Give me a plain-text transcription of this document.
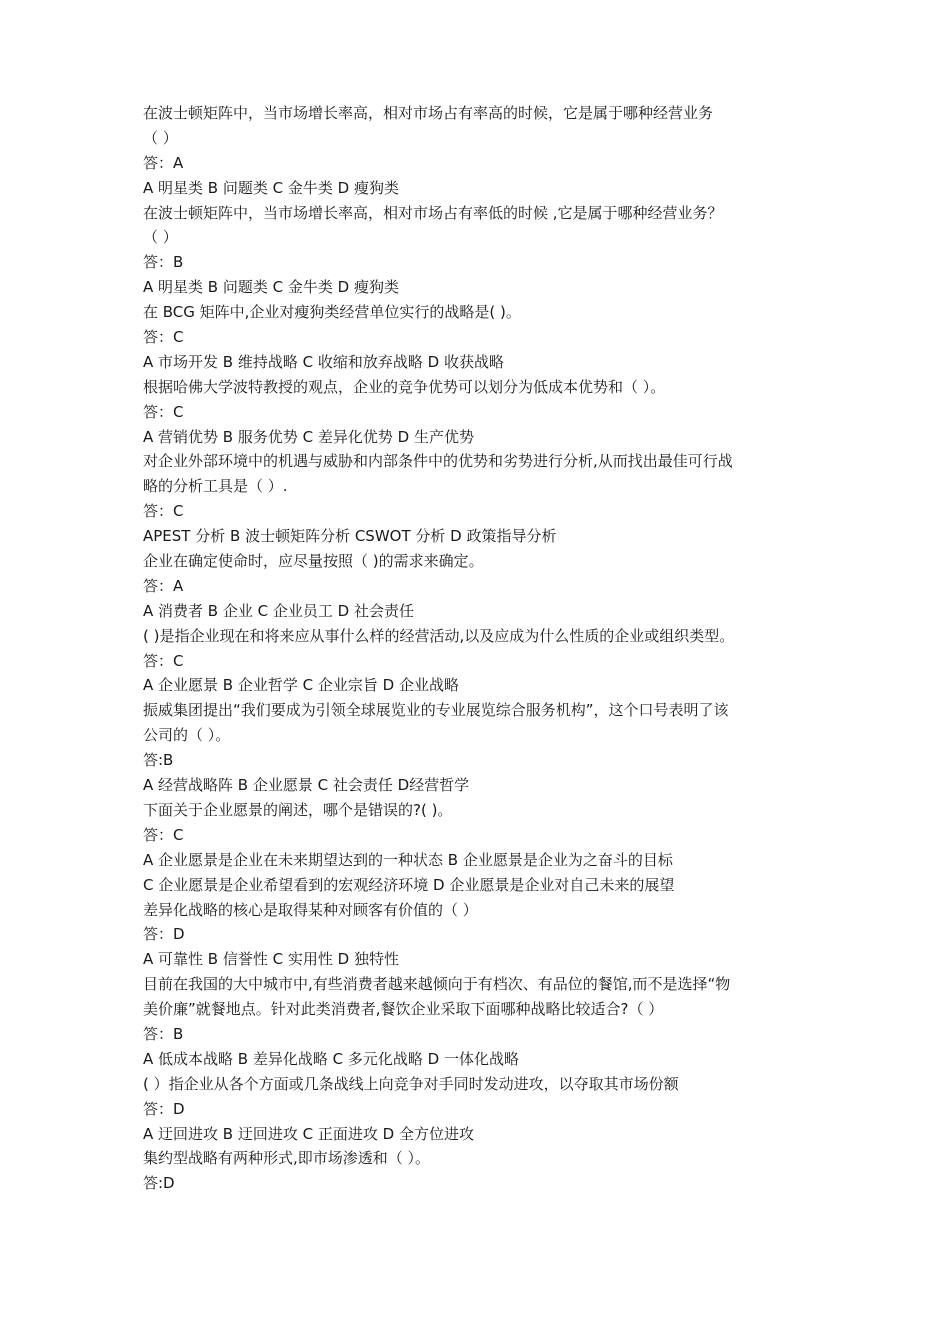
在波士顿矩阵中，当市场增长率高，相对市场占有率高的时候，它是属于哪种经营业务
（ ）
答：A
A 明星类 B 问题类 C 金牛类 D 瘦狗类
在波士顿矩阵中，当市场增长率高，相对市场占有率低的时候 ,它是属于哪种经营业务？
（ ）
答：B
A 明星类 B 问题类 C 金牛类 D 瘦狗类
在 BCG 矩阵中,企业对瘦狗类经营单位实行的战略是( )。
答：C
A 市场开发 B 维持战略 C 收缩和放弃战略 D 收获战略
根据哈佛大学波特教授的观点，企业的竞争优势可以划分为低成本优势和（ ）。
答：C
A 营销优势 B 服务优势 C 差异化优势 D 生产优势
对企业外部环境中的机遇与威胁和内部条件中的优势和劣势进行分析,从而找出最佳可行战
略的分析工具是（ ）.
答：C
APEST 分析 B 波士顿矩阵分析 CSWOT 分析 D 政策指导分析
企业在确定使命时，应尽量按照（ )的需求来确定。
答：A
A 消费者 B 企业 C 企业员工 D 社会责任
( )是指企业现在和将来应从事什么样的经营活动,以及应成为什么性质的企业或组织类型。
答：C
A 企业愿景 B 企业哲学 C 企业宗旨 D 企业战略
振威集团提出“我们要成为引领全球展览业的专业展览综合服务机构”，这个口号表明了该
公司的（ ）。
答:B
A 经营战略阵 B 企业愿景 C 社会责任 D经营哲学
下面关于企业愿景的阐述，哪个是错误的?( )。
答：C
A 企业愿景是企业在未来期望达到的一种状态 B 企业愿景是企业为之奋斗的目标
C 企业愿景是企业希望看到的宏观经济环境 D 企业愿景是企业对自己未来的展望
差异化战略的核心是取得某种对顾客有价值的（ ）
答：D
A 可靠性 B 信誉性 C 实用性 D 独特性
目前在我国的大中城市中,有些消费者越来越倾向于有档次、有品位的餐馆,而不是选择“物
美价廉”就餐地点。针对此类消费者,餐饮企业采取下面哪种战略比较适合?（ ）
答：B
A 低成本战略 B 差异化战略 C 多元化战略 D 一体化战略
( ）指企业从各个方面或几条战线上向竞争对手同时发动进攻，以夺取其市场份额
答：D
A 迂回进攻 B 迂回进攻 C 正面进攻 D 全方位进攻
集约型战略有两种形式,即市场渗透和（ ）。
答:D
